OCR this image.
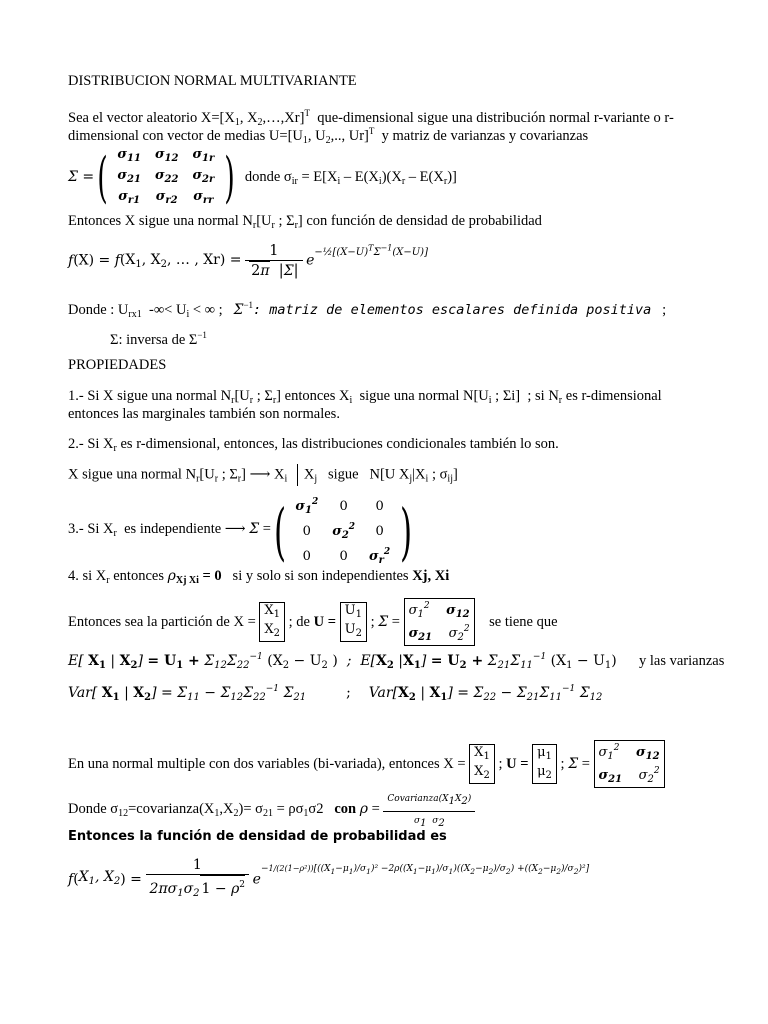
DISTRIBUCION NORMAL MULTIVARIANTE
Sea el vector aleatorio $X=[X_1$, $X_2,\dots,Xr]^T$ que-dimensional sigue una distribución normal r-variante o r-
dimensional con vector de medias $U=[U_1$, $U_2$,.., Ur]$^T$ y matriz de varianzas y covarianzas
Σ = ( $\sigma_{11}$	$\sigma_{12}$	$\sigma_{1r}$
$\sigma_{21}$	$\sigma_{22}$	$\sigma_{2r}$
$\sigma_{r1}$	$\sigma_{r2}$	$\sigma_{rr}$ ) donde $\sigma_{ir} = E[X_i - E(X_i)(X_r - E(X_r)]$
Entonces X sigue una normal $N_r[U_r$ ; $\Sigma_r$] con función de densidad de probabilidad
$f(X) = f(X_1$, $X_2$, … , $Xr) = \frac{1}{2\pi |\Sigma|} e^{-\frac{1}{2}[(X-U)^T\Sigma^{-1}(X-U)]}$
Donde : $U_{rx1}$ -∞< $U_i$ < ∞ ; $\Sigma^{-1}$: matriz de elementos escalares definida positiva   ;
Σ: inversa de $\Sigma^{-1}$
PROPIEDADES
1.- Si X sigue una normal $N_r[U_r$ ; $\Sigma_r$] entonces $X_i$ sigue una normal $N[U_i$ ; Σi]  ; si $N_r$ es r-dimensional
entonces las marginales también son normales.
2.- Si $X_r$ es r-dimensional, entonces, las distribuciones condicionales también lo son.
X sigue una normal $N_r[U_r$ ; $\Sigma_r$] ⟶ $X_i$ $X_j$ sigue   N[U $X_j|X_i$ ; $\sigma_{ij}$]
3.- Si $X_r$ es independiente ⟶ Σ = ( $\sigma_1^2$	0	0
0	$\sigma_2^2$	0
0	0	$\sigma_r^2$ )
4. si $X_r$ entonces $\rho_{Xj Xi} = 0$ si y solo si son independientes Xj, Xi
Entonces sea la partición de $X = X_1$
$X_2$ ; de $U = U_1$
$U_2$ ; $\Sigma = \sigma_1^2$ $\sigma_{12}$
$\sigma_{21}$    $\sigma_2^2$ se tiene que
E[ $X_1$ | $X_2] = U_1 + \Sigma_{12}\Sigma_{22}^{-1}$ ($X_2 - U_2$ )  ;  $E[X_2$ $|X_1] = U_2 + \Sigma_{21}\Sigma_{11}^{-1}$ $(X_1 - U_1)$ y las varianzas
Var[ $X_1$ | $X_2] = \Sigma_{11} - \Sigma_{12}\Sigma_{22}^{-1}$ $\Sigma_{21}$	;    $Var[X_2$ | $X_1] = \Sigma_{22} - \Sigma_{21}\Sigma_{11}^{-1}$ $\Sigma_{12}$
En una normal multiple con dos variables (bi-variada), entonces $X = X_1$
$X_2$ ; $U = \mu_1$
$\mu_2$ ; $\Sigma = \sigma_1^2$ $\sigma_{12}$
$\sigma_{21}$    $\sigma_2^2$
Donde $\sigma_{12}=covarianza(X_1,X_2)= \sigma_{21} = \rho\sigma_1\sigma 2$   con $\rho = \frac{\text{Covarianza(X1X2)}}{\sigma 1 \sigma 2}$
Entonces la función de densidad de probabilidad es
$f(X_1$, $X_2) = \frac{1}{2\pi\sigma_1\sigma_2 1 - \rho^2} e^{-1/(2(1-\rho^2))[((X_1-\mu_1)/\sigma_1)^2 -2\rho((X_1-\mu_1)/\sigma_1)((X_2-\mu_2)/\sigma_2) +((X_2-\mu_2)/\sigma_2)^2]}$
